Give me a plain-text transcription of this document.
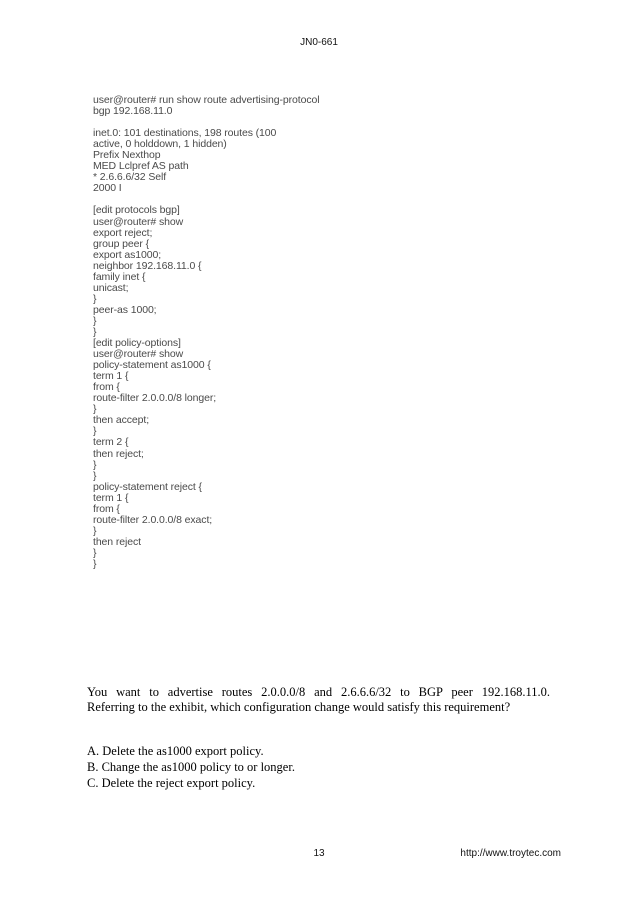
JN0-661
user@router# run show route advertising-protocol
bgp 192.168.11.0
inet.0: 101 destinations, 198 routes (100
active, 0 holddown, 1 hidden)
Prefix Nexthop
MED Lclpref AS path
* 2.6.6.6/32 Self
2000 I
[edit protocols bgp]
user@router# show
export reject;
group peer {
export as1000;
neighbor 192.168.11.0 {
family inet {
unicast;
}
peer-as 1000;
}
}
[edit policy-options]
user@router# show
policy-statement as1000 {
term 1 {
from {
route-filter 2.0.0.0/8 longer;
}
then accept;
}
term 2 {
then reject;
}
}
policy-statement reject {
term 1 {
from {
route-filter 2.0.0.0/8 exact;
}
then reject
}
}
You want to advertise routes 2.0.0.0/8 and 2.6.6.6/32 to BGP peer 192.168.11.0.
Referring to the exhibit, which configuration change would satisfy this requirement?
A. Delete the as1000 export policy.
B. Change the as1000 policy to or longer.
C. Delete the reject export policy.
13	http://www.troytec.com
